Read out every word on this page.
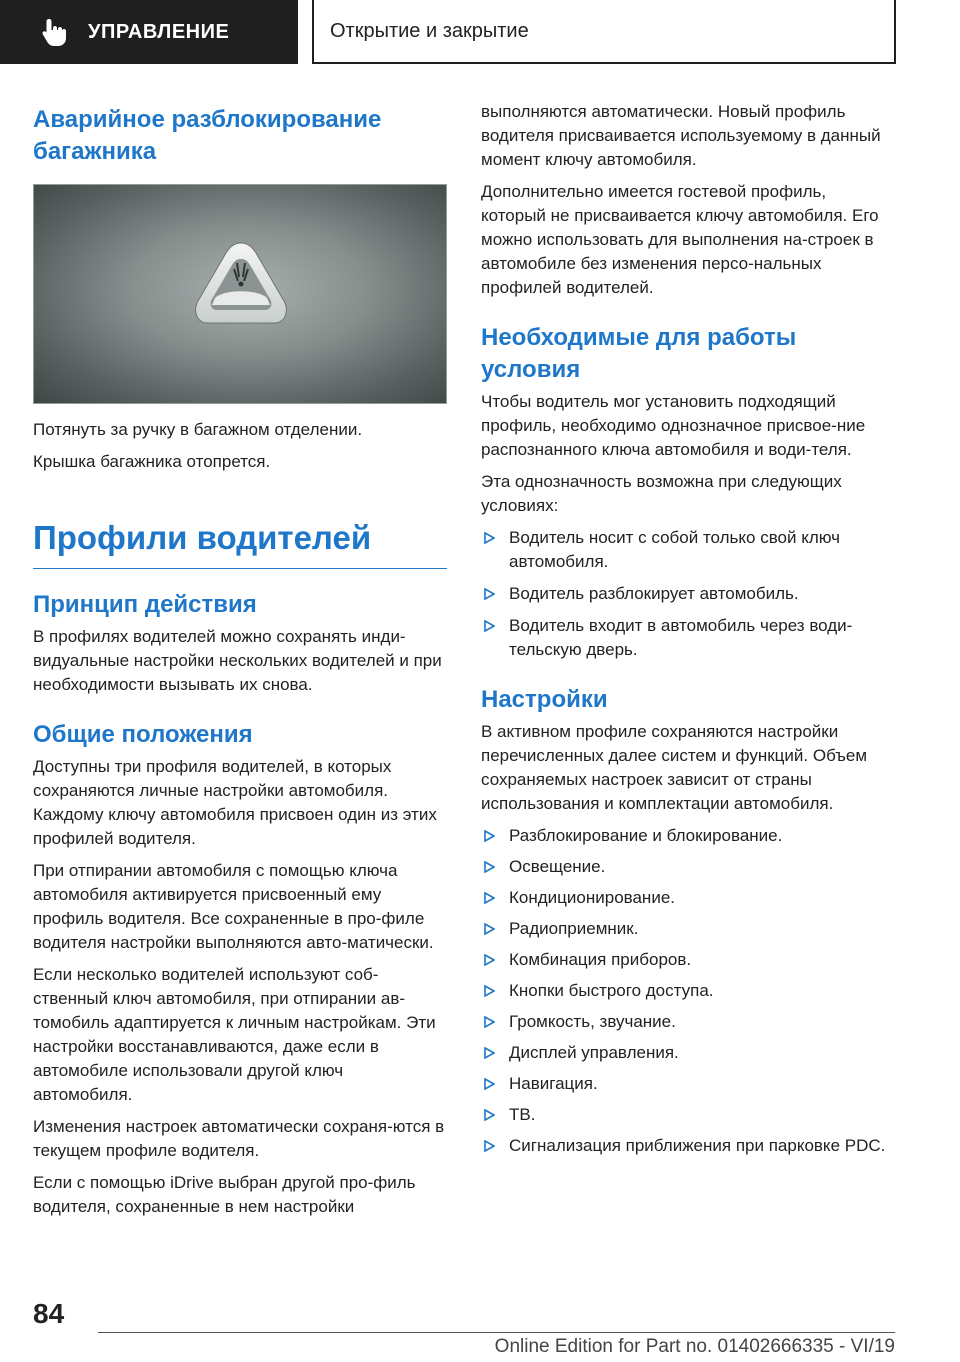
УПРАВЛЕНИЕ	Открытие и закрытие
Аварийное разблокирование багажника

Потянуть за ручку в багажном отделении.

Крышка багажника отопрется.

Профили водителей
Принцип действия

В профилях водителей можно сохранять инди-видуальные настройки нескольких водителей и при необходимости вызывать их снова.

Общие положения

Доступны три профиля водителей, в которых сохраняются личные настройки автомобиля. Каждому ключу автомобиля присвоен один из этих профилей водителя.

При отпирании автомобиля с помощью ключа автомобиля активируется присвоенный ему профиль водителя. Все сохраненные в про-филе водителя настройки выполняются авто-матически.

Если несколько водителей используют соб-ственный ключ автомобиля, при отпирании ав-томобиль адаптируется к личным настройкам. Эти настройки восстанавливаются, даже если в автомобиле использовали другой ключ автомобиля.

Изменения настроек автоматически сохраня-ются в текущем профиле водителя.

Если с помощью iDrive выбран другой про-филь водителя, сохраненные в нем настройки

выполняются автоматически. Новый профиль водителя присваивается используемому в данный момент ключу автомобиля.

Дополнительно имеется гостевой профиль, который не присваивается ключу автомобиля. Его можно использовать для выполнения на-строек в автомобиле без изменения персо-нальных профилей водителей.

Необходимые для работы условия

Чтобы водитель мог установить подходящий профиль, необходимо однозначное присвое-ние распознанного ключа автомобиля и води-теля.

Эта однозначность возможна при следующих условиях:

Водитель носит с собой только свой ключ автомобиля.
Водитель разблокирует автомобиль.
Водитель входит в автомобиль через води-тельскую дверь.
Настройки

В активном профиле сохраняются настройки перечисленных далее систем и функций. Объем сохраняемых настроек зависит от страны использования и комплектации автомобиля.

Разблокирование и блокирование.
Освещение.
Кондиционирование.
Радиоприемник.
Комбинация приборов.
Кнопки быстрого доступа.
Громкость, звучание.
Дисплей управления.
Навигация.
ТВ.
Сигнализация приближения при парковке PDC.
84
Online Edition for Part no. 01402666335 - VI/19
